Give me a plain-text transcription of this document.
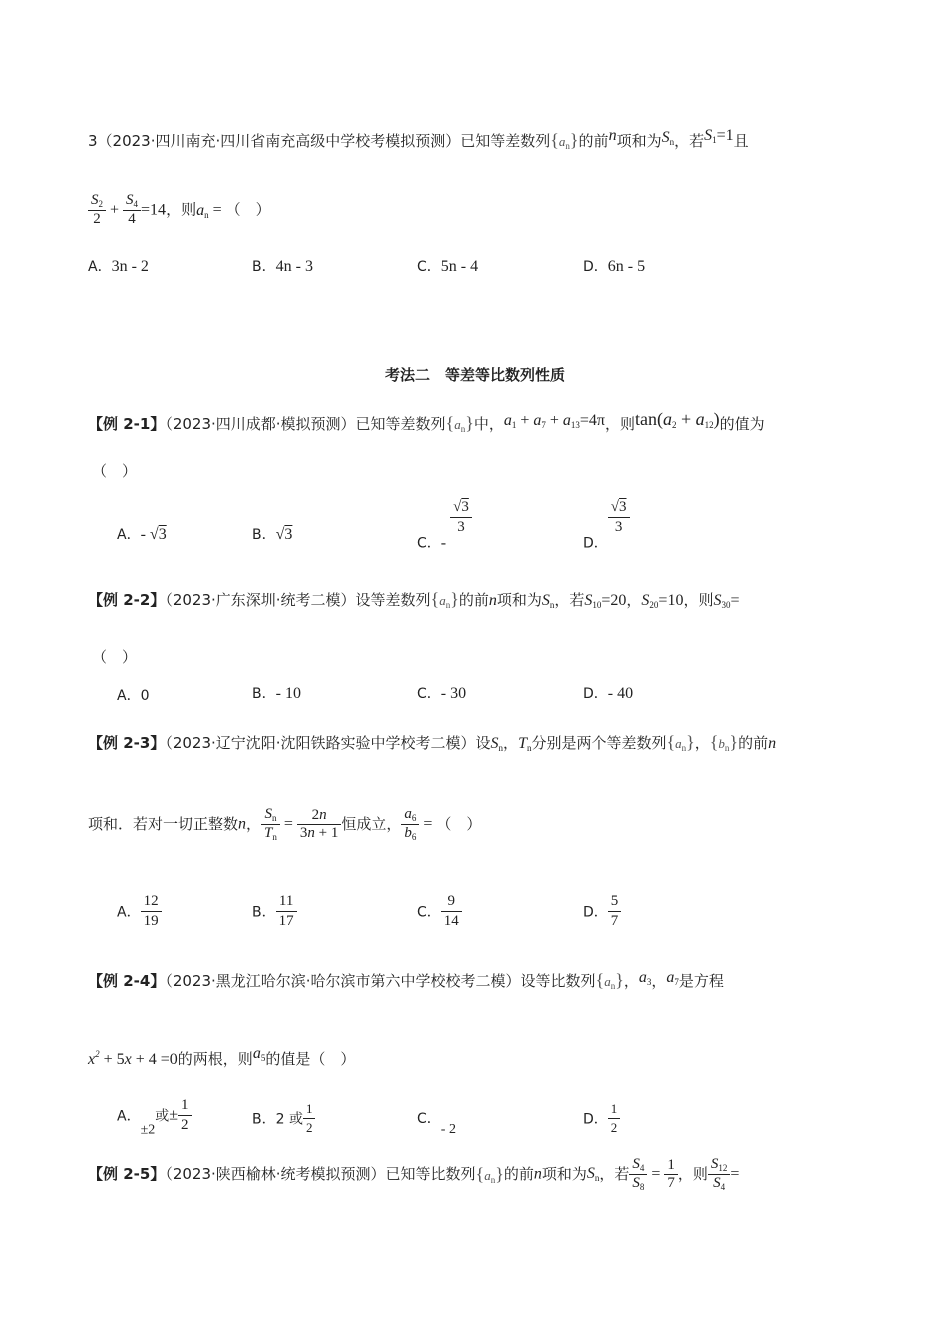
3（2023·四川南充·四川省南充高级中学校考模拟预测）已知等差数列$\{a_n\}$的前n项和为$S_n$，若$S_1=1$且
$\frac{S_2}{2} + \frac{S_4}{4} =14$，则$a_n$ = （　）
A．3n - 2	B．4n - 3	C．5n - 4	D．6n - 5
考法二　等差等比数列性质
【例 2-1】（2023·四川成都·模拟预测）已知等差数列$\{a_n\}$中，$a_1 + a_7 + a_{13}=4\pi$，则$\tan(a_2 + a_{12})$的值为
（　）
A．- √3	B．√3
C．-
$\frac{√3}{3}$
D．
$\frac{√3}{3}$
【例 2-2】（2023·广东深圳·统考二模）设等差数列$\{a_n\}$的前n项和为$S_n$，若$S_{10}=20$，$S_{20}=10$，则$S_{30}=$
（　）
A．0	B．- 10	C．- 30	D．- 40
【例 2-3】（2023·辽宁沈阳·沈阳铁路实验中学校考二模）设$S_n$，$T_n$分别是两个等差数列$\{a_n\}$，$\{b_n\}$的前n
项和．若对一切正整数n， $\frac{S_n}{T_n} = \frac{2n}{3n + 1}$ 恒成立， $\frac{a_6}{b_6}$ = （　）
A． $\frac{12}{19}$	B． $\frac{11}{17}$	C． $\frac{9}{14}$	D． $\frac{5}{7}$
【例 2-4】（2023·黑龙江哈尔滨·哈尔滨市第六中学校校考二模）设等比数列$\{a_n\}$，$a_3$，$a_7$是方程
$x^2 + 5x + 4 =0$的两根，则$a_5$的值是（　）
A．±2或± $\frac{1}{2}$	B．2 或 $\frac{1}{2}$	C．- 2
D． $\frac{1}{2}$
【例 2-5】（2023·陕西榆林·统考模拟预测）已知等比数列$\{a_n\}$的前n项和为$S_n$，若 $\frac{S_4}{S_8} = \frac{1}{7}$ ，则 $\frac{S_{12}}{S_4}$ =
